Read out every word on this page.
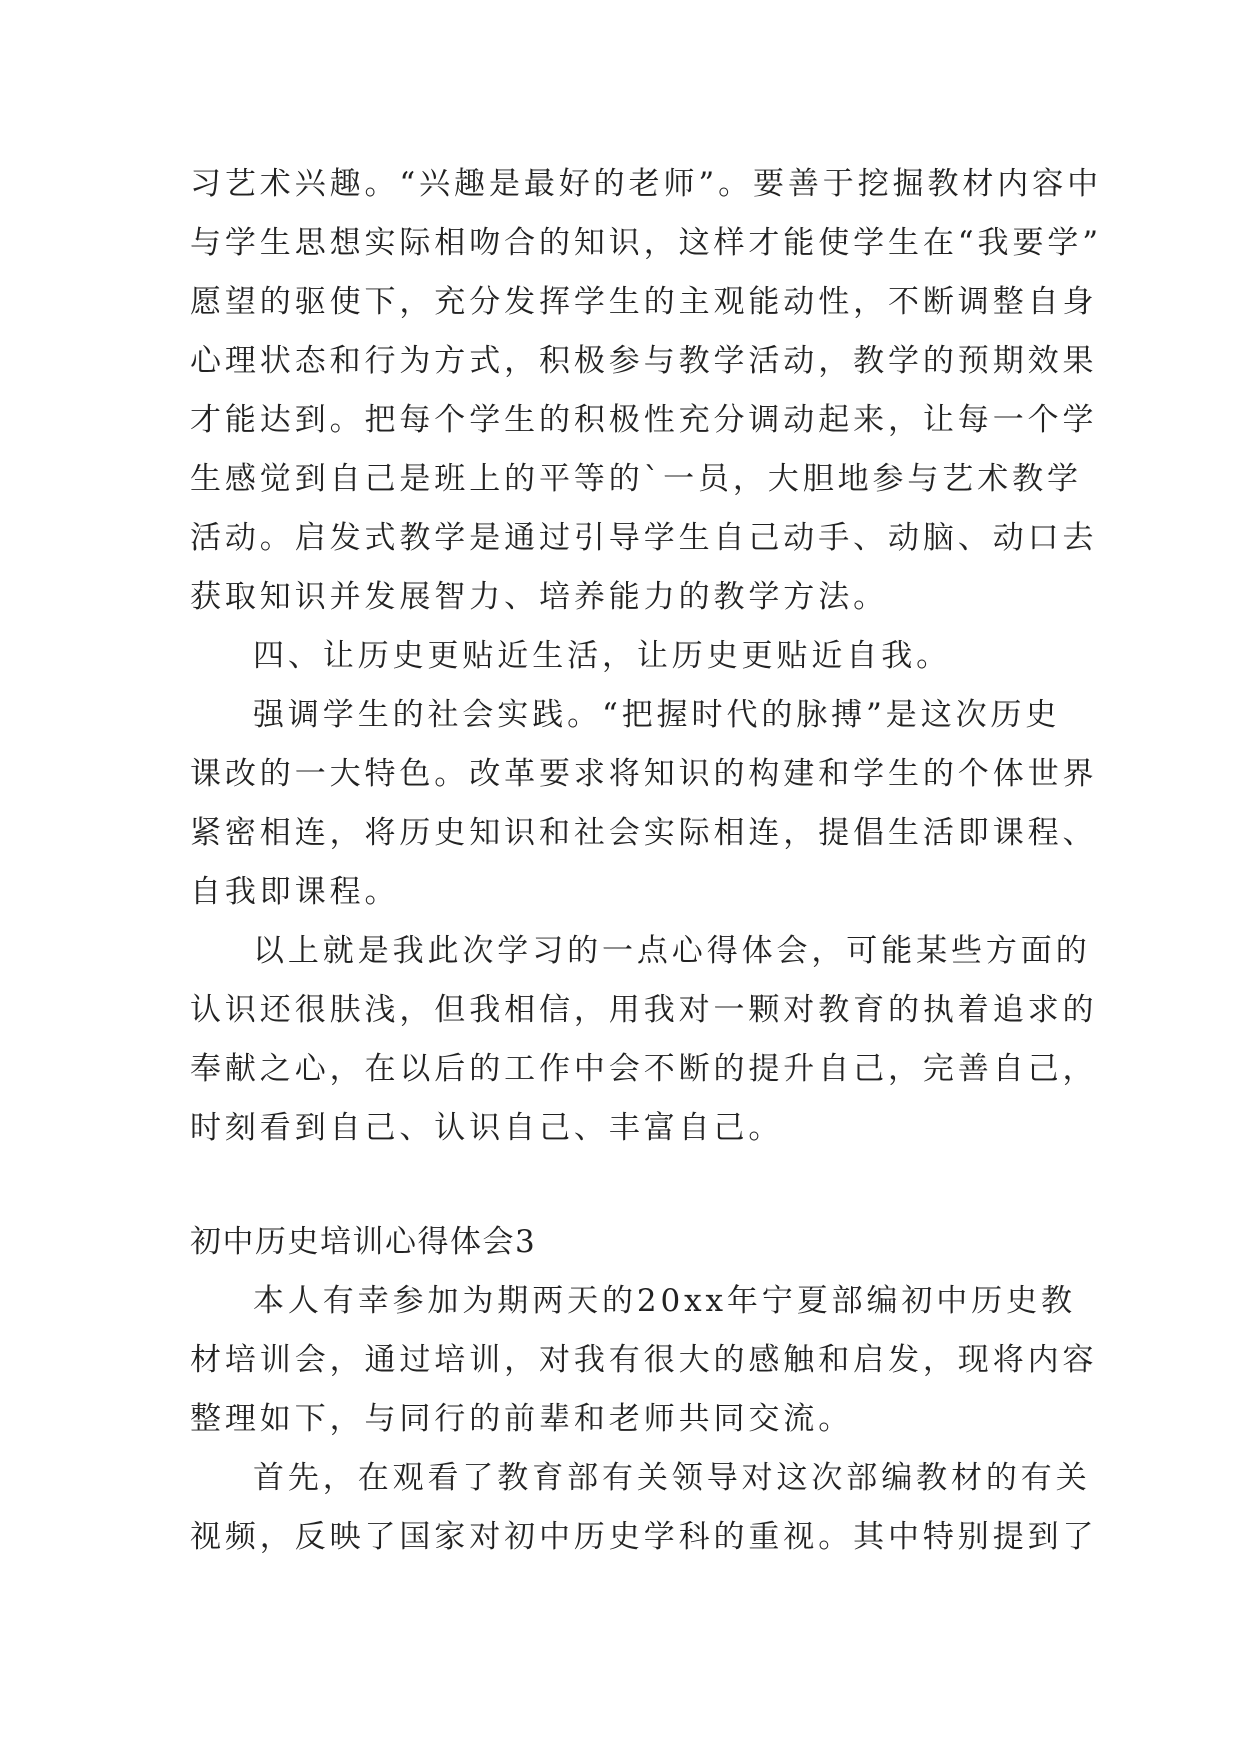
习艺术兴趣。“兴趣是最好的老师”。要善于挖掘教材内容中

与学生思想实际相吻合的知识，这样才能使学生在“我要学”

愿望的驱使下，充分发挥学生的主观能动性，不断调整自身

心理状态和行为方式，积极参与教学活动，教学的预期效果

才能达到。把每个学生的积极性充分调动起来，让每一个学

生感觉到自己是班上的平等的`一员，大胆地参与艺术教学

活动。启发式教学是通过引导学生自己动手、动脑、动口去

获取知识并发展智力、培养能力的教学方法。

四、让历史更贴近生活，让历史更贴近自我。

强调学生的社会实践。“把握时代的脉搏”是这次历史

课改的一大特色。改革要求将知识的构建和学生的个体世界

紧密相连，将历史知识和社会实际相连，提倡生活即课程、

自我即课程。

以上就是我此次学习的一点心得体会，可能某些方面的

认识还很肤浅，但我相信，用我对一颗对教育的执着追求的

奉献之心，在以后的工作中会不断的提升自己，完善自己，

时刻看到自己、认识自己、丰富自己。

初中历史培训心得体会3

本人有幸参加为期两天的20xx年宁夏部编初中历史教

材培训会，通过培训，对我有很大的感触和启发，现将内容

整理如下，与同行的前辈和老师共同交流。

首先，在观看了教育部有关领导对这次部编教材的有关

视频，反映了国家对初中历史学科的重视。其中特别提到了
